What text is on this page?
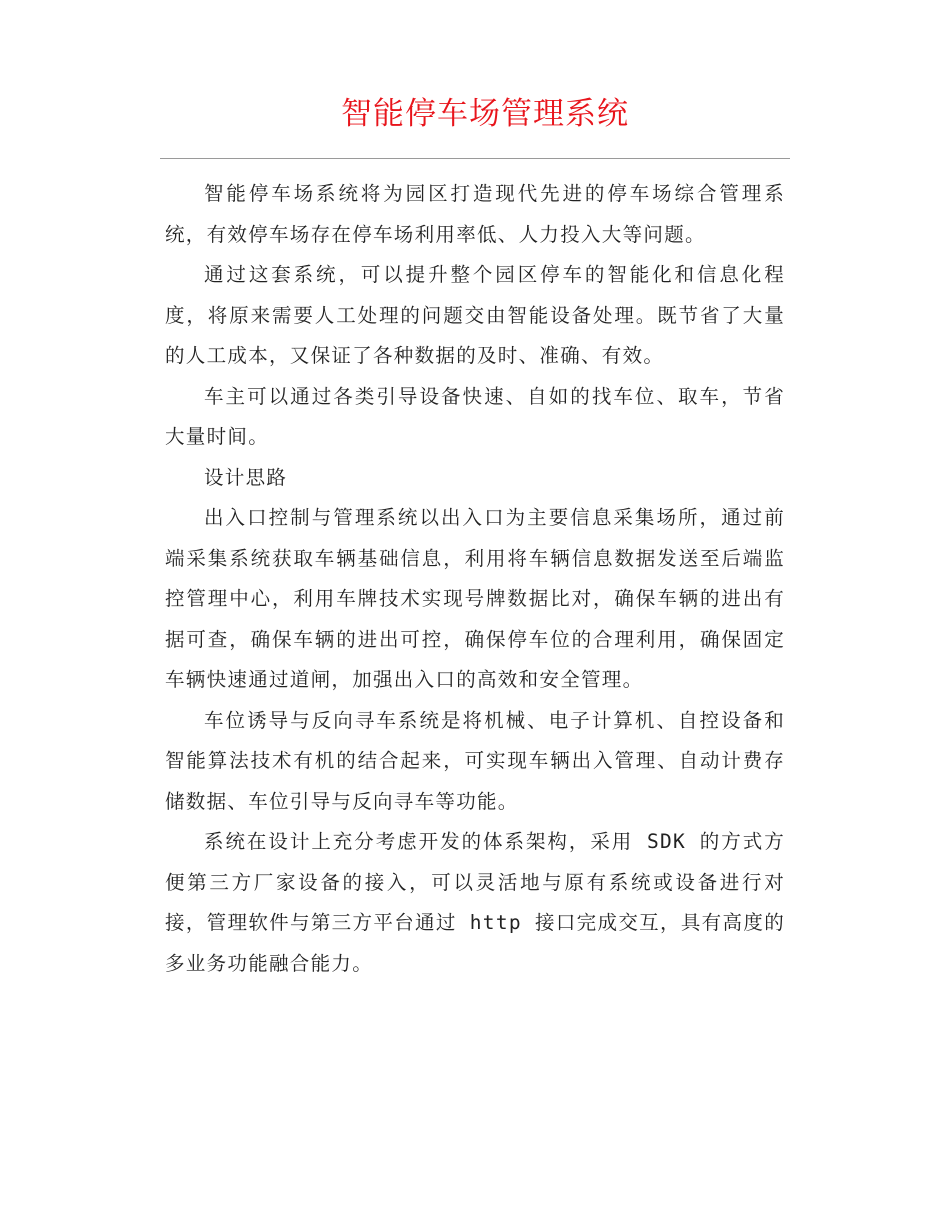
智能停车场管理系统

智能停车场系统将为园区打造现代先进的停车场综合管理系统，有效停车场存在停车场利用率低、人力投入大等问题。

通过这套系统，可以提升整个园区停车的智能化和信息化程度，将原来需要人工处理的问题交由智能设备处理。既节省了大量的人工成本，又保证了各种数据的及时、准确、有效。

车主可以通过各类引导设备快速、自如的找车位、取车，节省大量时间。

设计思路

出入口控制与管理系统以出入口为主要信息采集场所，通过前端采集系统获取车辆基础信息，利用将车辆信息数据发送至后端监控管理中心，利用车牌技术实现号牌数据比对，确保车辆的进出有据可查，确保车辆的进出可控，确保停车位的合理利用，确保固定车辆快速通过道闸，加强出入口的高效和安全管理。

车位诱导与反向寻车系统是将机械、电子计算机、自控设备和智能算法技术有机的结合起来，可实现车辆出入管理、自动计费存储数据、车位引导与反向寻车等功能。

系统在设计上充分考虑开发的体系架构，采用 SDK 的方式方便第三方厂家设备的接入，可以灵活地与原有系统或设备进行对接，管理软件与第三方平台通过 http 接口完成交互，具有高度的多业务功能融合能力。
